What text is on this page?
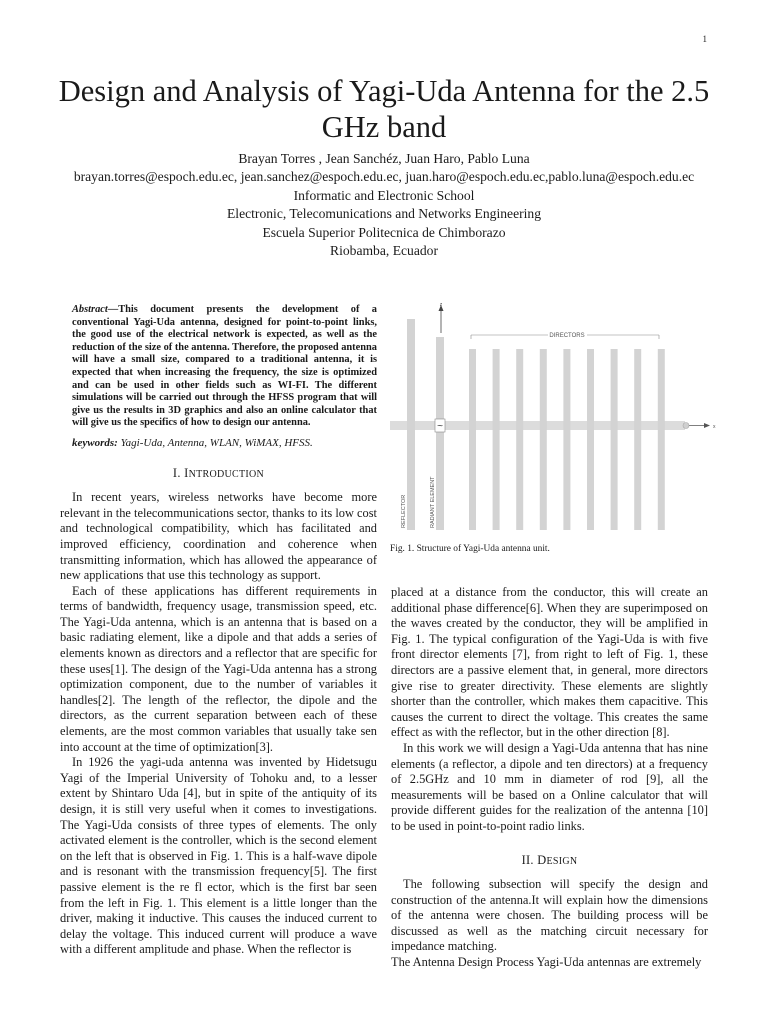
1
Design and Analysis of Yagi-Uda Antenna for the 2.5 GHz band
Brayan Torres , Jean Sanchéz, Juan Haro, Pablo Luna
brayan.torres@espoch.edu.ec, jean.sanchez@espoch.edu.ec, juan.haro@espoch.edu.ec,pablo.luna@espoch.edu.ec
Informatic and Electronic School
Electronic, Telecomunications and Networks Engineering
Escuela Superior Politecnica de Chimborazo
Riobamba, Ecuador

Abstract—This document presents the development of a conventional Yagi-Uda antenna, designed for point-to-point links, the good use of the electrical network is expected, as well as the reduction of the size of the antenna. Therefore, the proposed antenna will have a small size, compared to a traditional antenna, it is expected that when increasing the frequency, the size is optimized and can be used in other fields such as WI-FI. The different simulations will be carried out through the HFSS program that will give us the results in 3D graphics and also an online calculator that will give us the specifics of how to design our antenna.

keywords: Yagi-Uda, Antenna, WLAN, WiMAX, HFSS.

I. INTRODUCTION

In recent years, wireless networks have become more relevant in the telecommunications sector, thanks to its low cost and technological compatibility, which has facilitated and improved efficiency, coordination and coherence when transmitting information, which has allowed the appearance of new applications that use this technology as support.

Each of these applications has different requirements in terms of bandwidth, frequency usage, transmission speed, etc. The Yagi-Uda antenna, which is an antenna that is based on a basic radiating element, like a dipole and that adds a series of elements known as directors and a reflector that are specific for these uses[1]. The design of the Yagi-Uda antenna has a strong optimization component, due to the number of variables it handles[2]. The length of the reflector, the dipole and the directors, as the current separation between each of these elements, are the most common variables that usually take sen into account at the time of optimization[3].

In 1926 the yagi-uda antenna was invented by Hidetsugu Yagi of the Imperial University of Tohoku and, to a lesser extent by Shintaro Uda [4], but in spite of the antiquity of its design, it is still very useful when it comes to investigations. The Yagi-Uda consists of three types of elements. The only activated element is the controller, which is the second element on the left that is observed in Fig. 1. This is a half-wave dipole and is resonant with the transmission frequency[5]. The first passive element is the re fl ector, which is the first bar seen from the left in Fig. 1. This element is a little longer than the driver, making it inductive. This causes the induced current to delay the voltage. This induced current will produce a wave with a different amplitude and phase. When the reflector is

z
x
~
DIRECTORS
REFLECTOR	RADIANT ELEMENT
Fig. 1. Structure of Yagi-Uda antenna unit.

placed at a distance from the conductor, this will create an additional phase difference[6]. When they are superimposed on the waves created by the conductor, they will be amplified in Fig. 1. The typical configuration of the Yagi-Uda is with five front director elements [7], from right to left of Fig. 1, these directors are a passive element that, in general, more directors give rise to greater directivity. These elements are slightly shorter than the controller, which makes them capacitive. This causes the current to direct the voltage. This creates the same effect as with the reflector, but in the other direction [8].

In this work we will design a Yagi-Uda antenna that has nine elements (a reflector, a dipole and ten directors) at a frequency of 2.5GHz and 10 mm in diameter of rod [9], all the measurements will be based on a Online calculator that will provide different guides for the realization of the antenna [10] to be used in point-to-point radio links.

II. DESIGN

The following subsection will specify the design and construction of the antenna.It will explain how the dimensions of the antenna were chosen. The building process will be discussed as well as the matching circuit necessary for impedance matching.

The Antenna Design Process Yagi-Uda antennas are extremely
